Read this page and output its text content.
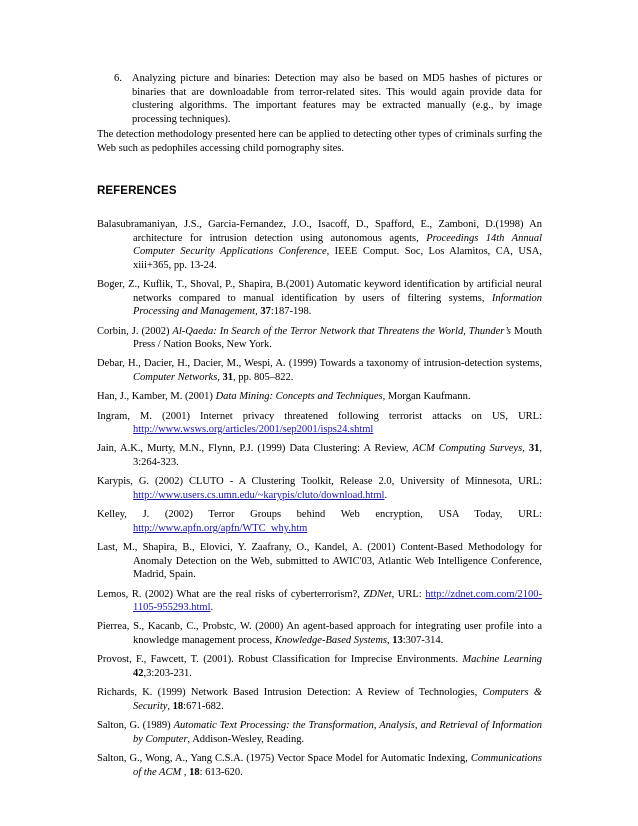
6. Analyzing picture and binaries: Detection may also be based on MD5 hashes of pictures or binaries that are downloadable from terror-related sites. This would again provide data for clustering algorithms. The important features may be extracted manually (e.g., by image processing techniques).
The detection methodology presented here can be applied to detecting other types of criminals surfing the Web such as pedophiles accessing child pornography sites.
REFERENCES
Balasubramaniyan, J.S., Garcia-Fernandez, J.O., Isacoff, D., Spafford, E., Zamboni, D.(1998) An architecture for intrusion detection using autonomous agents, Proceedings 14th Annual Computer Security Applications Conference, IEEE Comput. Soc, Los Alamitos, CA, USA, xiii+365, pp. 13-24.
Boger, Z., Kuflik, T., Shoval, P., Shapira, B.(2001) Automatic keyword identification by artificial neural networks compared to manual identification by users of filtering systems, Information Processing and Management, 37:187-198.
Corbin, J. (2002) Al-Qaeda: In Search of the Terror Network that Threatens the World, Thunder’s Mouth Press / Nation Books, New York.
Debar, H., Dacier, H., Dacier, M., Wespi, A. (1999) Towards a taxonomy of intrusion-detection systems, Computer Networks, 31, pp. 805–822.
Han, J., Kamber, M. (2001) Data Mining: Concepts and Techniques, Morgan Kaufmann.
Ingram, M. (2001) Internet privacy threatened following terrorist attacks on US, URL: http://www.wsws.org/articles/2001/sep2001/isps24.shtml
Jain, A.K., Murty, M.N., Flynn, P.J. (1999) Data Clustering: A Review, ACM Computing Surveys, 31, 3:264-323.
Karypis, G. (2002) CLUTO - A Clustering Toolkit, Release 2.0, University of Minnesota, URL: http://www.users.cs.umn.edu/~karypis/cluto/download.html.
Kelley, J. (2002) Terror Groups behind Web encryption, USA Today, URL: http://www.apfn.org/apfn/WTC_why.htm
Last, M., Shapira, B., Elovici, Y. Zaafrany, O., Kandel, A. (2001) Content-Based Methodology for Anomaly Detection on the Web, submitted to AWIC'03, Atlantic Web Intelligence Conference, Madrid, Spain.
Lemos, R. (2002) What are the real risks of cyberterrorism?, ZDNet, URL: http://zdnet.com.com/2100-1105-955293.html.
Pierrea, S., Kacanb, C., Probstc, W. (2000) An agent-based approach for integrating user profile into a knowledge management process, Knowledge-Based Systems, 13:307-314.
Provost, F., Fawcett, T. (2001). Robust Classification for Imprecise Environments. Machine Learning 42,3:203-231.
Richards, K. (1999) Network Based Intrusion Detection: A Review of Technologies, Computers & Security, 18:671-682.
Salton, G. (1989) Automatic Text Processing: the Transformation, Analysis, and Retrieval of Information by Computer, Addison-Wesley, Reading.
Salton, G., Wong, A., Yang C.S.A. (1975) Vector Space Model for Automatic Indexing, Communications of the ACM , 18: 613-620.
